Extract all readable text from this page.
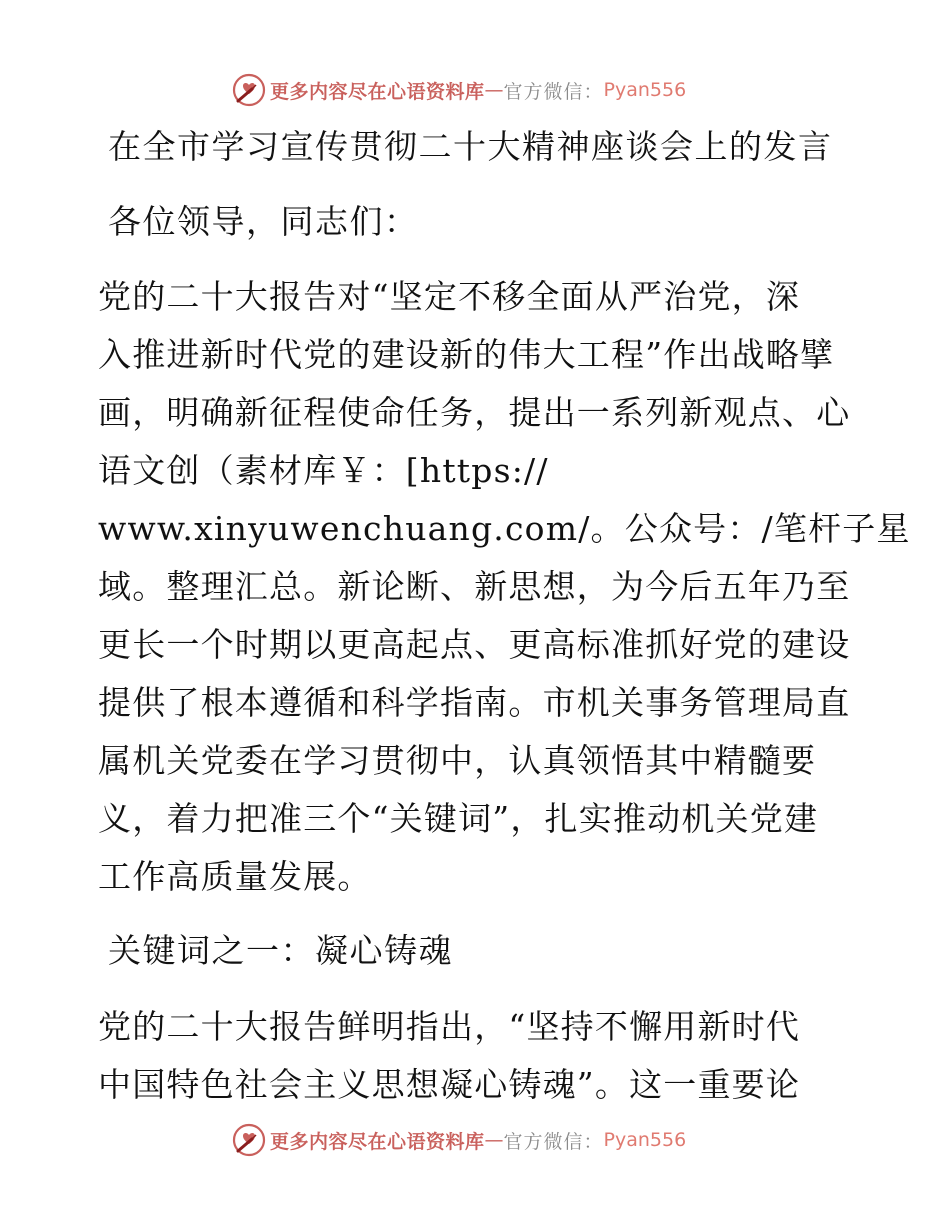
更多内容尽在心语资料库 — 官方微信： Pyan556
在全市学习宣传贯彻二十大精神座谈会上的发言
各位领导，同志们：
党的二十大报告对“坚定不移全面从严治党，深
入推进新时代党的建设新的伟大工程”作出战略擘
画，明确新征程使命任务，提出一系列新观点、心
语文创（素材库￥：[https://
www.xinyuwenchuang.com/。公众号：/笔杆子星
域。整理汇总。新论断、新思想，为今后五年乃至
更长一个时期以更高起点、更高标准抓好党的建设
提供了根本遵循和科学指南。市机关事务管理局直
属机关党委在学习贯彻中，认真领悟其中精髓要
义，着力把准三个“关键词”，扎实推动机关党建
工作高质量发展。
关键词之一：凝心铸魂
党的二十大报告鲜明指出，“坚持不懈用新时代
中国特色社会主义思想凝心铸魂”。这一重要论
更多内容尽在心语资料库 — 官方微信： Pyan556
